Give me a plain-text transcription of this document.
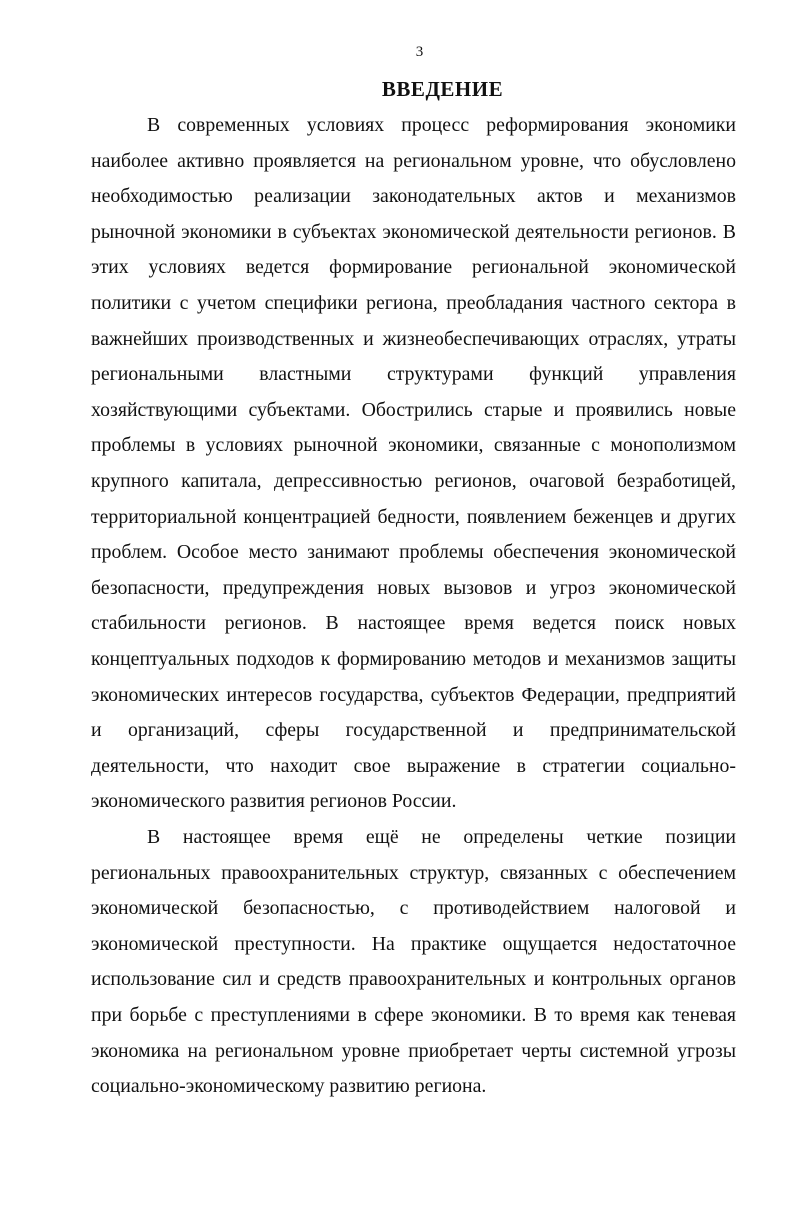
3
ВВЕДЕНИЕ

В современных условиях процесс реформирования экономики наиболее активно проявляется на региональном уровне, что обусловлено необходимостью реализации законодательных актов и механизмов рыночной экономики в субъектах экономической деятельности регионов. В этих условиях ведется формирование региональной экономической политики с учетом специфики региона, преобладания частного сектора в важнейших производственных и жизнеобеспечивающих отраслях, утраты региональными властными структурами функций управления хозяйствующими субъектами. Обострились старые и проявились новые проблемы в условиях рыночной экономики, связанные с монополизмом крупного капитала, депрессивностью регионов, очаговой безработицей, территориальной концентрацией бедности, появлением беженцев и других проблем. Особое место занимают проблемы обеспечения экономической безопасности, предупреждения новых вызовов и угроз экономической стабильности регионов. В настоящее время ведется поиск новых концептуальных подходов к формированию методов и механизмов защиты экономических интересов государства, субъектов Федерации, предприятий и организаций, сферы государственной и предпринимательской деятельности, что находит свое выражение в стратегии социально-экономического развития регионов России.

В настоящее время ещё не определены четкие позиции региональных правоохранительных структур, связанных с обеспечением экономической безопасностью, с противодействием налоговой и экономической преступности. На практике ощущается недостаточное использование сил и средств правоохранительных и контрольных органов при борьбе с преступлениями в сфере экономики. В то время как теневая экономика на региональном уровне приобретает черты системной угрозы социально-экономическому развитию региона.
